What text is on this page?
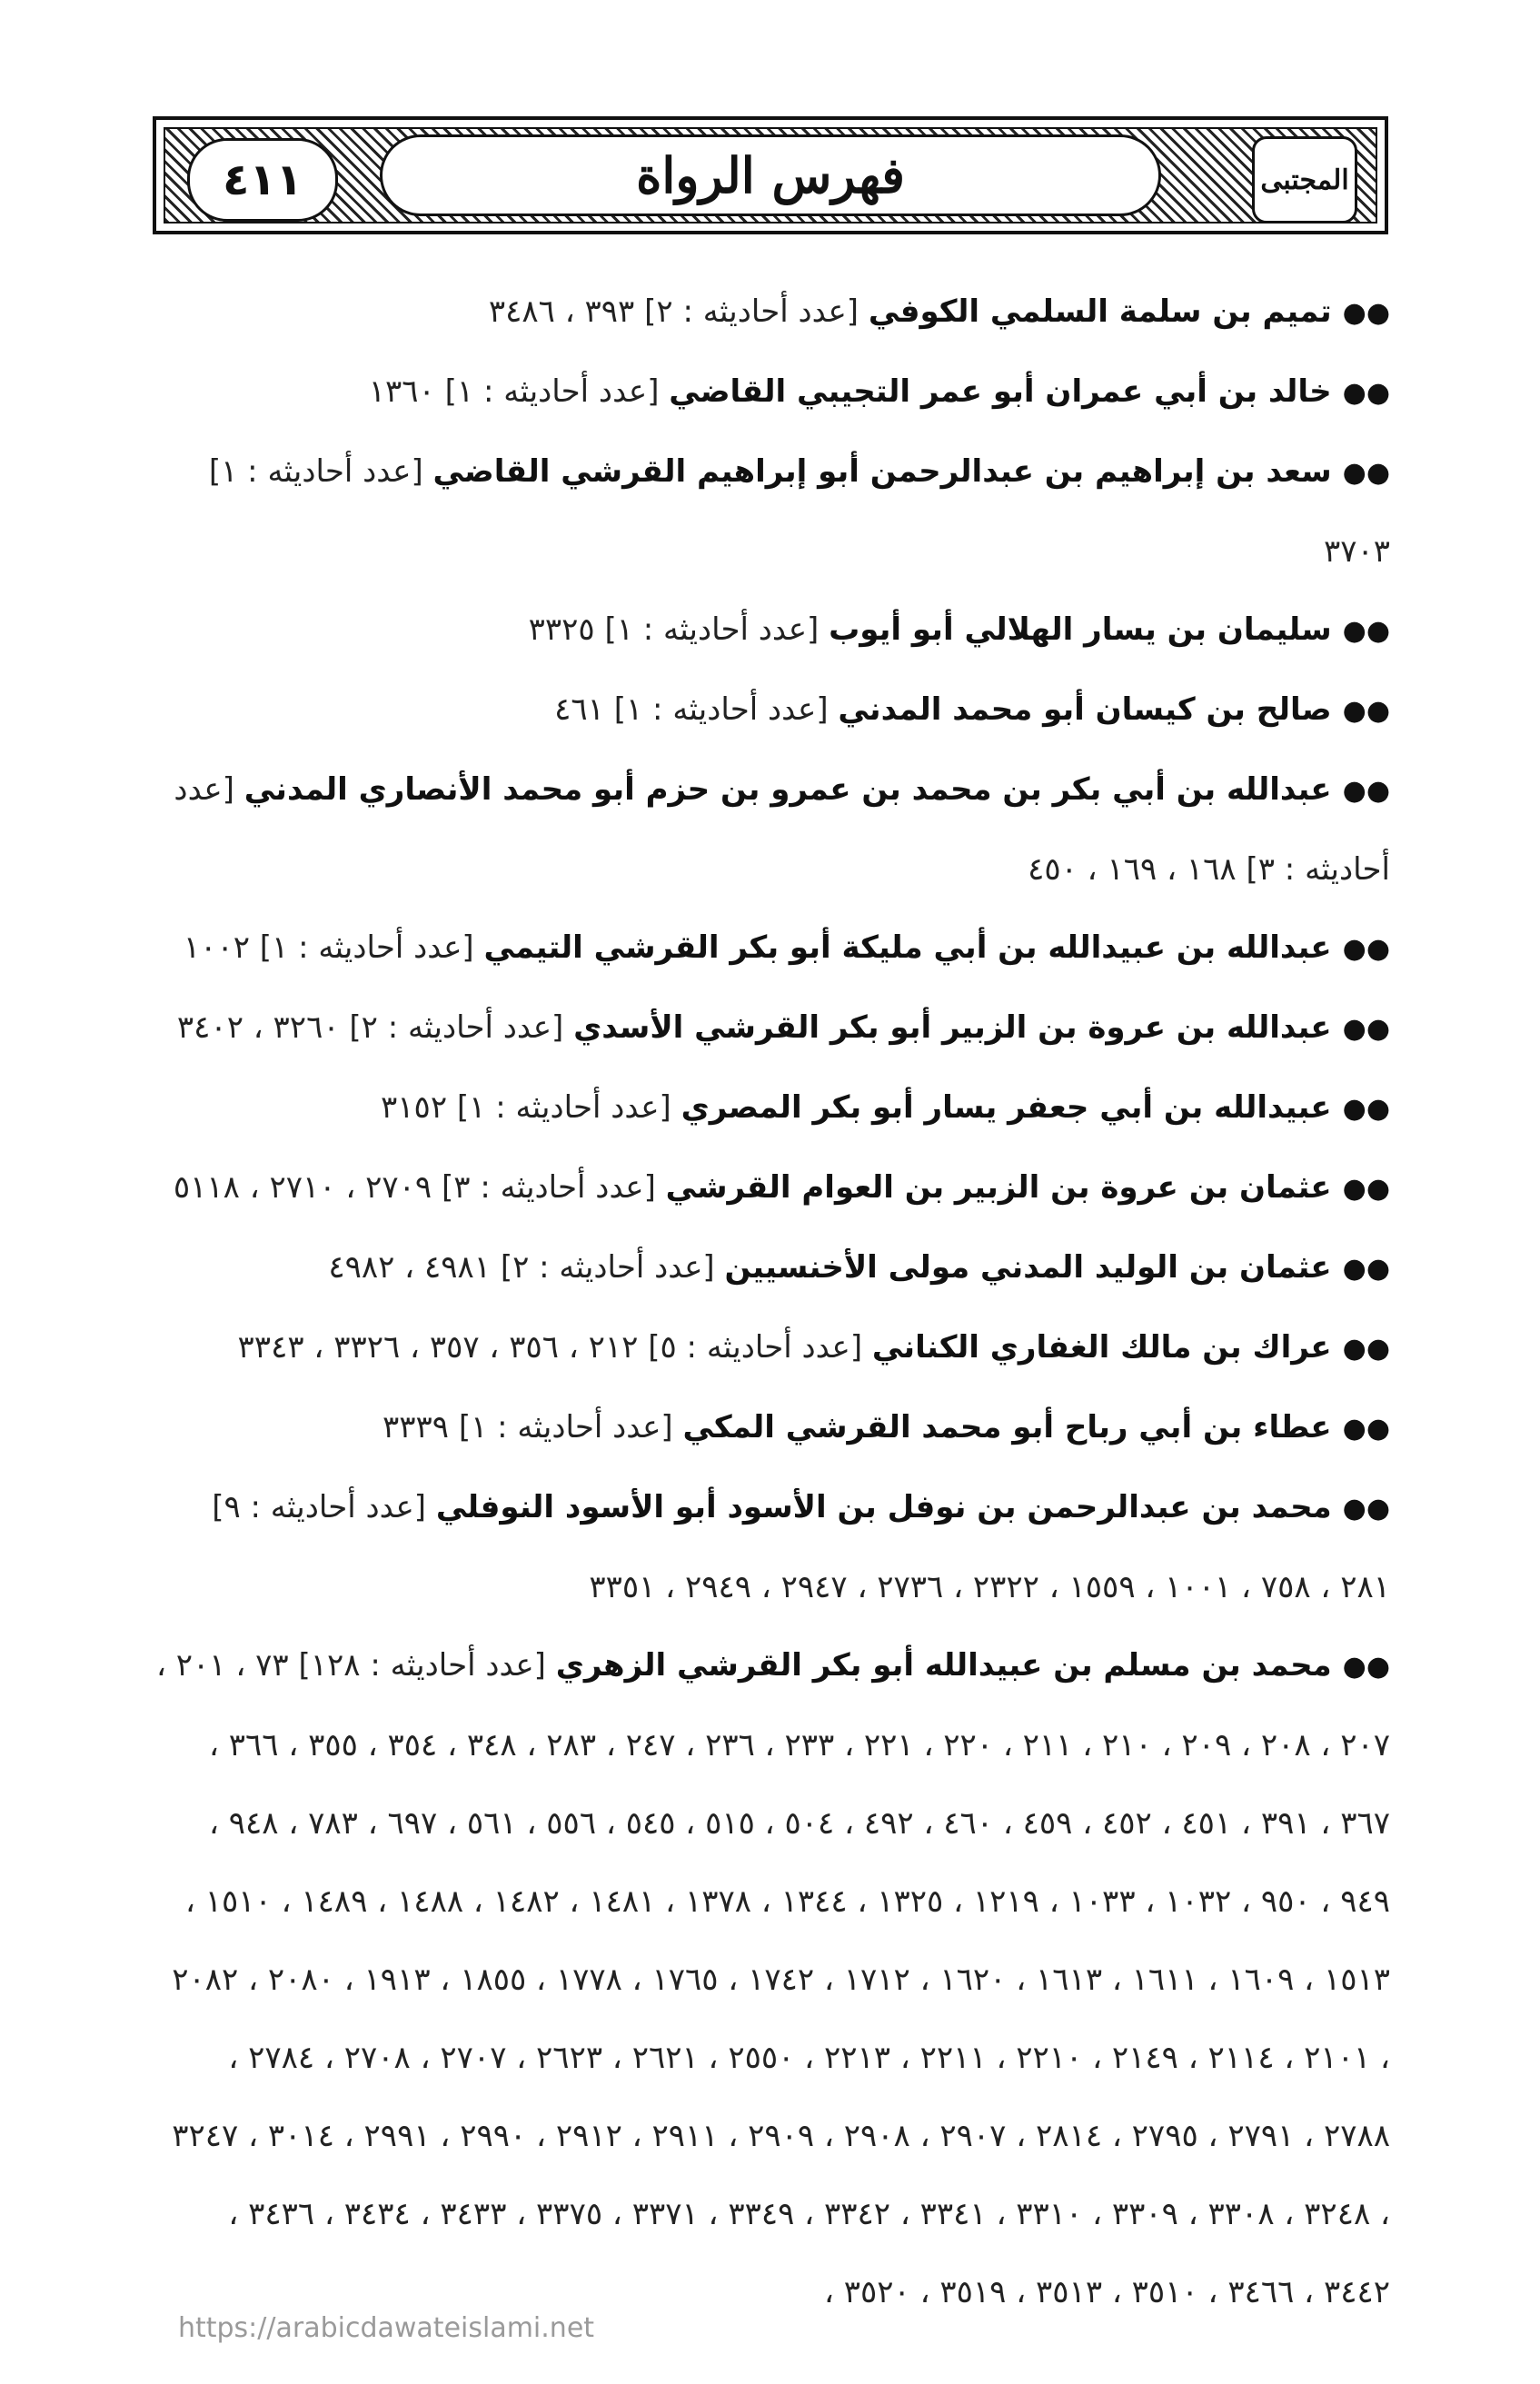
فهرس الرواة
٤١١	المجتبى

●●تميم بن سلمة السلمي الكوفي [عدد أحاديثه : ٢] ٣٩٣ ، ٣٤٨٦

●●خالد بن أبي عمران أبو عمر التجيبي القاضي [عدد أحاديثه : ١] ١٣٦٠

●●سعد بن إبراهيم بن عبدالرحمن أبو إبراهيم القرشي القاضي [عدد أحاديثه : ١] ٣٧٠٣

●●سليمان بن يسار الهلالي أبو أيوب [عدد أحاديثه : ١] ٣٣٢٥

●●صالح بن كيسان أبو محمد المدني [عدد أحاديثه : ١] ٤٦١

●●عبدالله بن أبي بكر بن محمد بن عمرو بن حزم أبو محمد الأنصاري المدني [عدد أحاديثه : ٣] ١٦٨ ، ١٦٩ ، ٤٥٠

●●عبدالله بن عبيدالله بن أبي مليكة أبو بكر القرشي التيمي [عدد أحاديثه : ١] ١٠٠٢

●●عبدالله بن عروة بن الزبير أبو بكر القرشي الأسدي [عدد أحاديثه : ٢] ٣٢٦٠ ، ٣٤٠٢

●●عبيدالله بن أبي جعفر يسار أبو بكر المصري [عدد أحاديثه : ١] ٣١٥٢

●●عثمان بن عروة بن الزبير بن العوام القرشي [عدد أحاديثه : ٣] ٢٧٠٩ ، ٢٧١٠ ، ٥١١٨

●●عثمان بن الوليد المدني مولى الأخنسيين [عدد أحاديثه : ٢] ٤٩٨١ ، ٤٩٨٢

●●عراك بن مالك الغفاري الكناني [عدد أحاديثه : ٥] ٢١٢ ، ٣٥٦ ، ٣٥٧ ، ٣٣٢٦ ، ٣٣٤٣

●●عطاء بن أبي رباح أبو محمد القرشي المكي [عدد أحاديثه : ١] ٣٣٣٩

●●محمد بن عبدالرحمن بن نوفل بن الأسود أبو الأسود النوفلي [عدد أحاديثه : ٩] ٢٨١ ، ٧٥٨ ، ١٠٠١ ، ١٥٥٩ ، ٢٣٢٢ ، ٢٧٣٦ ، ٢٩٤٧ ، ٢٩٤٩ ، ٣٣٥١

●●محمد بن مسلم بن عبيدالله أبو بكر القرشي الزهري [عدد أحاديثه : ١٢٨] ٧٣ ، ٢٠١ ، ٢٠٧ ، ٢٠٨ ، ٢٠٩ ، ٢١٠ ، ٢١١ ، ٢٢٠ ، ٢٢١ ، ٢٣٣ ، ٢٣٦ ، ٢٤٧ ، ٢٨٣ ، ٣٤٨ ، ٣٥٤ ، ٣٥٥ ، ٣٦٦ ، ٣٦٧ ، ٣٩١ ، ٤٥١ ، ٤٥٢ ، ٤٥٩ ، ٤٦٠ ، ٤٩٢ ، ٥٠٤ ، ٥١٥ ، ٥٤٥ ، ٥٥٦ ، ٥٦١ ، ٦٩٧ ، ٧٨٣ ، ٩٤٨ ، ٩٤٩ ، ٩٥٠ ، ١٠٣٢ ، ١٠٣٣ ، ١٢١٩ ، ١٣٢٥ ، ١٣٤٤ ، ١٣٧٨ ، ١٤٨١ ، ١٤٨٢ ، ١٤٨٨ ، ١٤٨٩ ، ١٥١٠ ، ١٥١٣ ، ١٦٠٩ ، ١٦١١ ، ١٦١٣ ، ١٦٢٠ ، ١٧١٢ ، ١٧٤٢ ، ١٧٦٥ ، ١٧٧٨ ، ١٨٥٥ ، ١٩١٣ ، ٢٠٨٠ ، ٢٠٨٢ ، ٢١٠١ ، ٢١١٤ ، ٢١٤٩ ، ٢٢١٠ ، ٢٢١١ ، ٢٢١٣ ، ٢٥٥٠ ، ٢٦٢١ ، ٢٦٢٣ ، ٢٧٠٧ ، ٢٧٠٨ ، ٢٧٨٤ ، ٢٧٨٨ ، ٢٧٩١ ، ٢٧٩٥ ، ٢٨١٤ ، ٢٩٠٧ ، ٢٩٠٨ ، ٢٩٠٩ ، ٢٩١١ ، ٢٩١٢ ، ٢٩٩٠ ، ٢٩٩١ ، ٣٠١٤ ، ٣٢٤٧ ، ٣٢٤٨ ، ٣٣٠٨ ، ٣٣٠٩ ، ٣٣١٠ ، ٣٣٤١ ، ٣٣٤٢ ، ٣٣٤٩ ، ٣٣٧١ ، ٣٣٧٥ ، ٣٤٣٣ ، ٣٤٣٤ ، ٣٤٣٦ ، ٣٤٤٢ ، ٣٤٦٦ ، ٣٥١٠ ، ٣٥١٣ ، ٣٥١٩ ، ٣٥٢٠ ،

https://arabicdawateislami.net
